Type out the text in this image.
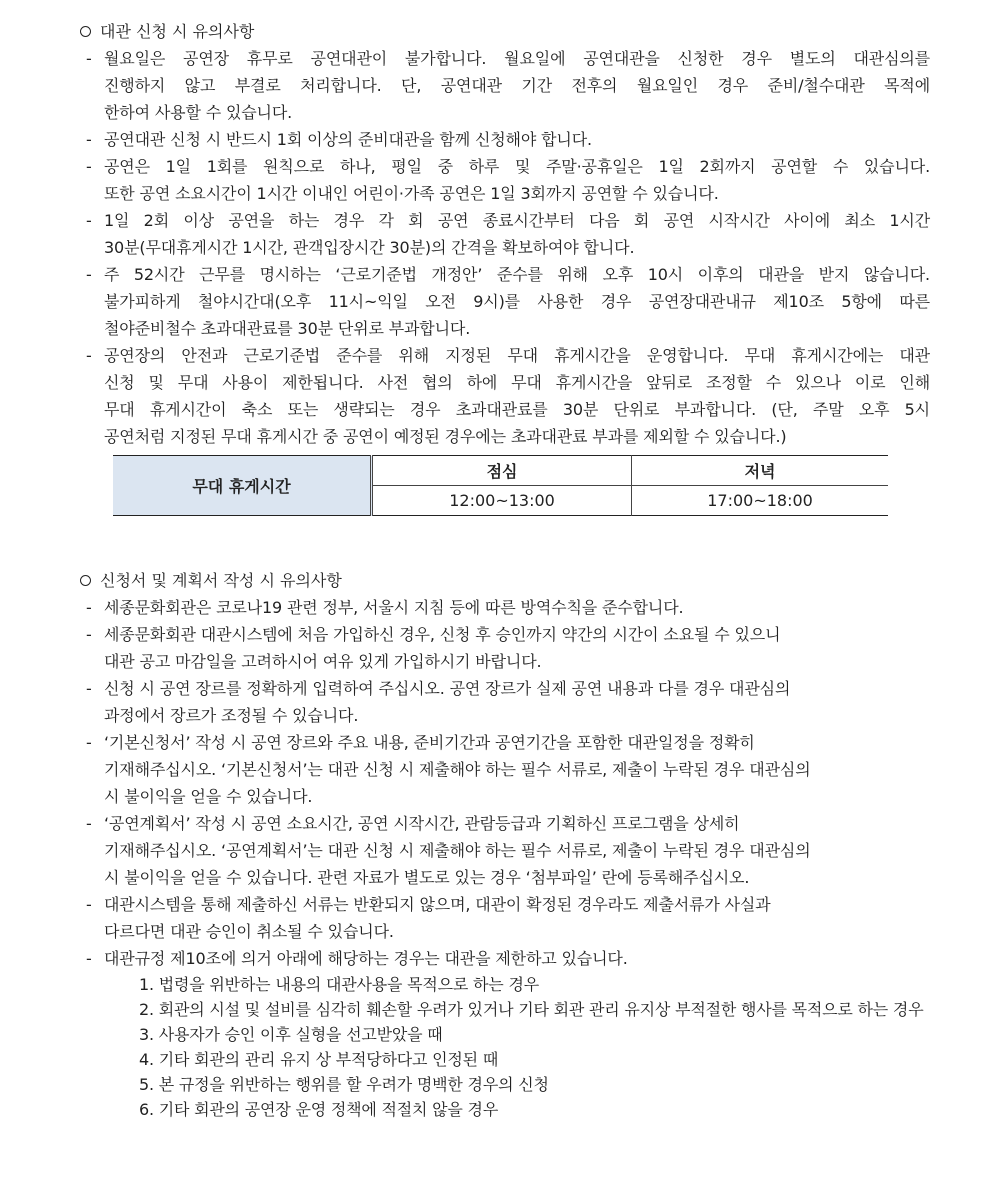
대관 신청 시 유의사항
- 월요일은 공연장 휴무로 공연대관이 불가합니다. 월요일에 공연대관을 신청한 경우 별도의 대관심의를
진행하지 않고 부결로 처리합니다. 단, 공연대관 기간 전후의 월요일인 경우 준비/철수대관 목적에
한하여 사용할 수 있습니다.
- 공연대관 신청 시 반드시 1회 이상의 준비대관을 함께 신청해야 합니다.
- 공연은 1일 1회를 원칙으로 하나, 평일 중 하루 및 주말·공휴일은 1일 2회까지 공연할 수 있습니다.
또한 공연 소요시간이 1시간 이내인 어린이·가족 공연은 1일 3회까지 공연할 수 있습니다.
- 1일 2회 이상 공연을 하는 경우 각 회 공연 종료시간부터 다음 회 공연 시작시간 사이에 최소 1시간
30분(무대휴게시간 1시간, 관객입장시간 30분)의 간격을 확보하여야 합니다.
- 주 52시간 근무를 명시하는 ‘근로기준법 개정안’ 준수를 위해 오후 10시 이후의 대관을 받지 않습니다.
불가피하게 철야시간대(오후 11시~익일 오전 9시)를 사용한 경우 공연장대관내규 제10조 5항에 따른
철야준비철수 초과대관료를 30분 단위로 부과합니다.
- 공연장의 안전과 근로기준법 준수를 위해 지정된 무대 휴게시간을 운영합니다. 무대 휴게시간에는 대관
신청 및 무대 사용이 제한됩니다. 사전 협의 하에 무대 휴게시간을 앞뒤로 조정할 수 있으나 이로 인해
무대 휴게시간이 축소 또는 생략되는 경우 초과대관료를 30분 단위로 부과합니다. (단, 주말 오후 5시
공연처럼 지정된 무대 휴게시간 중 공연이 예정된 경우에는 초과대관료 부과를 제외할 수 있습니다.)
무대 휴게시간	점심	저녁
	12:00~13:00	17:00~18:00
신청서 및 계획서 작성 시 유의사항
- 세종문화회관은 코로나19 관련 정부, 서울시 지침 등에 따른 방역수칙을 준수합니다.
- 세종문화회관 대관시스템에 처음 가입하신 경우, 신청 후 승인까지 약간의 시간이 소요될 수 있으니
대관 공고 마감일을 고려하시어 여유 있게 가입하시기 바랍니다.
- 신청 시 공연 장르를 정확하게 입력하여 주십시오. 공연 장르가 실제 공연 내용과 다를 경우 대관심의
과정에서 장르가 조정될 수 있습니다.
- ‘기본신청서’ 작성 시 공연 장르와 주요 내용, 준비기간과 공연기간을 포함한 대관일정을 정확히
기재해주십시오. ‘기본신청서’는 대관 신청 시 제출해야 하는 필수 서류로, 제출이 누락된 경우 대관심의
시 불이익을 얻을 수 있습니다.
- ‘공연계획서’ 작성 시 공연 소요시간, 공연 시작시간, 관람등급과 기획하신 프로그램을 상세히
기재해주십시오. ‘공연계획서’는 대관 신청 시 제출해야 하는 필수 서류로, 제출이 누락된 경우 대관심의
시 불이익을 얻을 수 있습니다. 관련 자료가 별도로 있는 경우 ‘첨부파일’ 란에 등록해주십시오.
- 대관시스템을 통해 제출하신 서류는 반환되지 않으며, 대관이 확정된 경우라도 제출서류가 사실과
다르다면 대관 승인이 취소될 수 있습니다.
- 대관규정 제10조에 의거 아래에 해당하는 경우는 대관을 제한하고 있습니다.
1. 법령을 위반하는 내용의 대관사용을 목적으로 하는 경우
2. 회관의 시설 및 설비를 심각히 훼손할 우려가 있거나 기타 회관 관리 유지상 부적절한 행사를 목적으로 하는 경우
3. 사용자가 승인 이후 실형을 선고받았을 때
4. 기타 회관의 관리 유지 상 부적당하다고 인정된 때
5. 본 규정을 위반하는 행위를 할 우려가 명백한 경우의 신청
6. 기타 회관의 공연장 운영 정책에 적절치 않을 경우
